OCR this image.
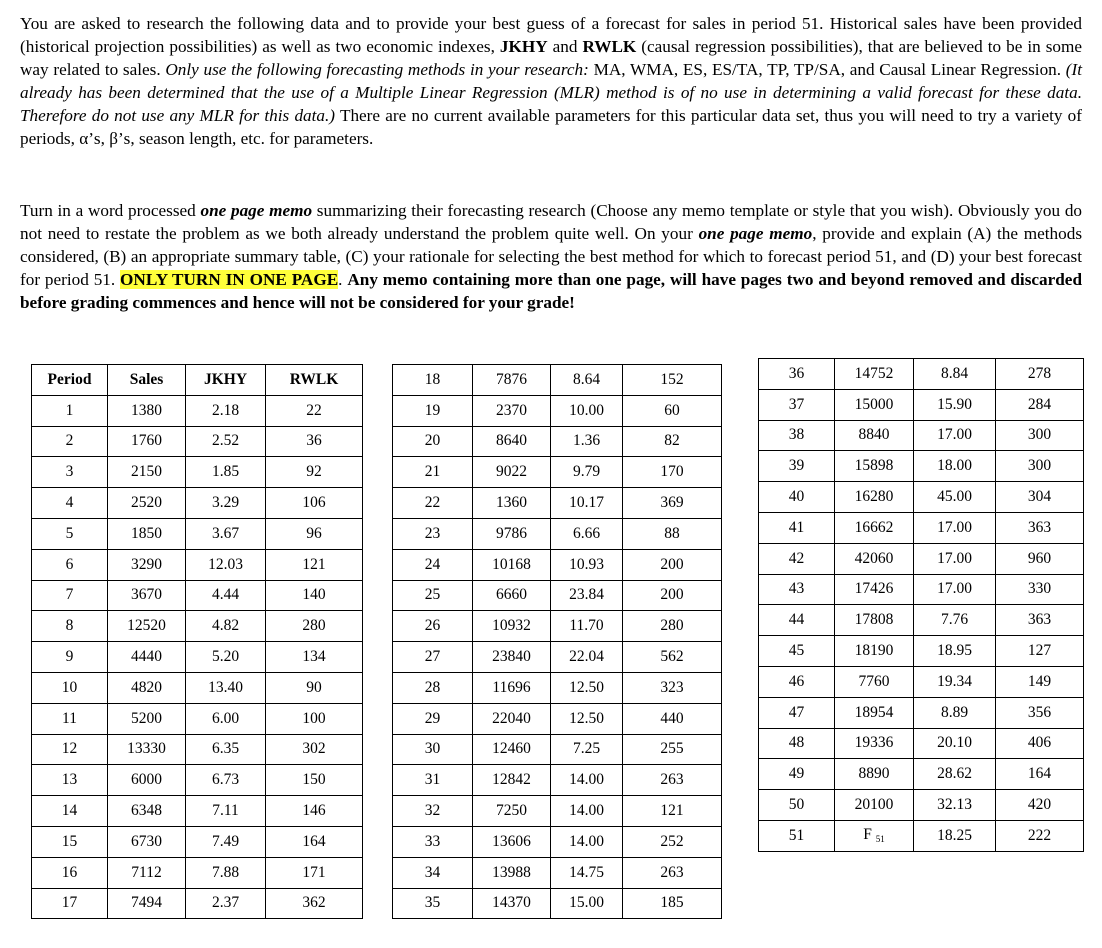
You are asked to research the following data and to provide your best guess of a forecast for sales in period 51. Historical sales have been provided (historical projection possibilities) as well as two economic indexes, JKHY and RWLK (causal regression possibilities), that are believed to be in some way related to sales. Only use the following forecasting methods in your research: MA, WMA, ES, ES/TA, TP, TP/SA, and Causal Linear Regression. (It already has been determined that the use of a Multiple Linear Regression (MLR) method is of no use in determining a valid forecast for these data. Therefore do not use any MLR for this data.) There are no current available parameters for this particular data set, thus you will need to try a variety of periods, α’s, β’s, season length, etc. for parameters.

Turn in a word processed one page memo summarizing their forecasting research (Choose any memo template or style that you wish). Obviously you do not need to restate the problem as we both already understand the problem quite well. On your one page memo, provide and explain (A) the methods considered, (B) an appropriate summary table, (C) your rationale for selecting the best method for which to forecast period 51, and (D) your best forecast for period 51. ONLY TURN IN ONE PAGE. Any memo containing more than one page, will have pages two and beyond removed and discarded before grading commences and hence will not be considered for your grade!

Period	Sales	JKHY	RWLK
1	1380	2.18	22
2	1760	2.52	36
3	2150	1.85	92
4	2520	3.29	106
5	1850	3.67	96
6	3290	12.03	121
7	3670	4.44	140
8	12520	4.82	280
9	4440	5.20	134
10	4820	13.40	90
11	5200	6.00	100
12	13330	6.35	302
13	6000	6.73	150
14	6348	7.11	146
15	6730	7.49	164
16	7112	7.88	171
17	7494	2.37	362
18	7876	8.64	152
19	2370	10.00	60
20	8640	1.36	82
21	9022	9.79	170
22	1360	10.17	369
23	9786	6.66	88
24	10168	10.93	200
25	6660	23.84	200
26	10932	11.70	280
27	23840	22.04	562
28	11696	12.50	323
29	22040	12.50	440
30	12460	7.25	255
31	12842	14.00	263
32	7250	14.00	121
33	13606	14.00	252
34	13988	14.75	263
35	14370	15.00	185
36	14752	8.84	278
37	15000	15.90	284
38	8840	17.00	300
39	15898	18.00	300
40	16280	45.00	304
41	16662	17.00	363
42	42060	17.00	960
43	17426	17.00	330
44	17808	7.76	363
45	18190	18.95	127
46	7760	19.34	149
47	18954	8.89	356
48	19336	20.10	406
49	8890	28.62	164
50	20100	32.13	420
51	F 51	18.25	222
